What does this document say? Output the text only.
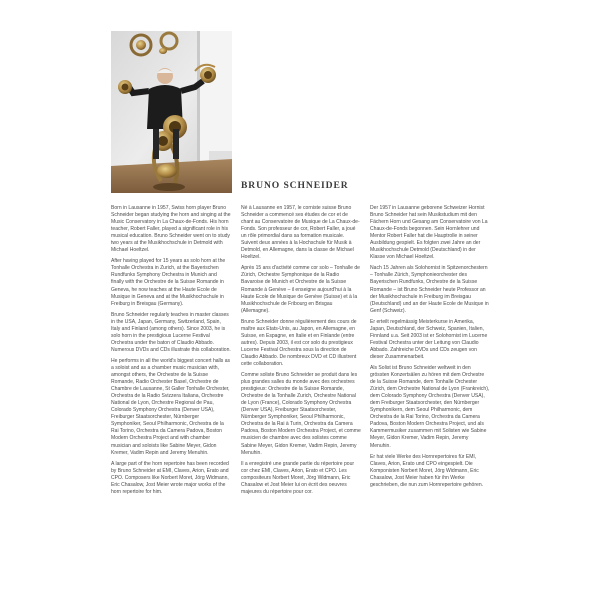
BRUNO SCHNEIDER

Born in Lausanne in 1957, Swiss horn player Bruno Schneider began studying the horn and singing at the Music Conservatory in La Chaux-de-Fonds. His horn teacher, Robert Faller, played a significant role in his musical education. Bruno Schneider went on to study two years at the Musikhochschule in Detmold with Michael Hoeltzel.

After having played for 15 years as solo horn at the Tonhalle Orchestra in Zurich, at the Bayerischen Rundfunks Symphony Orchestra in Munich and finally with the Orchestre de la Suisse Romande in Geneva, he now teaches at the Haute Ecole de Musique in Geneva and at the Musikhochschule in Freiburg in Breisgau (Germany).

Bruno Schneider regularly teaches in master classes in the USA, Japan, Germany, Switzerland, Spain, Italy and Finland (among others). Since 2003, he is solo horn in the prestigious Lucerne Festival Orchestra under the baton of Claudio Abbado. Numerous DVDs and CDs illustrate this collaboration.

He performs in all the world's biggest concert halls as a soloist and as a chamber music musician with, amongst others, the Orchestre de la Suisse Romande, Radio Orchester Basel, Orchestre de Chambre de Lausanne, St Galler Tonhalle Orchester, Orchestra de la Radio Svizzera Italiana, Orchestre National de Lyon, Orchestre Regional de Pau, Colorado Symphony Orchestra (Denver USA), Freiburger Staatsorchester, Nürnberger Symphoniker, Seoul Philharmonic, Orchestra de la Rai Torino, Orchestra da Camera Padova, Boston Modern Orchestra Project and with chamber musician and soloists like Sabine Meyer, Gidon Kremer, Vadim Repin and Jeremy Menuhin.

A large part of the horn repertoire has been recorded by Bruno Schneider at EMI, Claves, Arion, Erato and CPO. Composers like Norbert Moret, Jörg Widmann, Eric Chasalow, Jost Meier wrote major works of the horn repertoire for him.

Né à Lausanne en 1957, le corniste suisse Bruno Schneider a commencé ses études de cor et de chant au Conservatoire de Musique de La Chaux-de-Fonds. Son professeur de cor, Robert Faller, a joué un rôle primordial dans sa formation musicale. Suivent deux années à la Hochschule für Musik à Detmold, en Allemagne, dans la classe de Michael Hoeltzel.

Après 15 ans d'activité comme cor solo – Tonhalle de Zürich, Orchestre Symphonique de la Radio Bavaroise de Munich et Orchestre de la Suisse Romande à Genève – il enseigne aujourd'hui à la Haute Ecole de Musique de Genève (Suisse) et à la Musikhochschule de Fribourg en Brisgau (Allemagne).

Bruno Schneider donne régulièrement des cours de maître aux Etats-Unis, au Japon, en Allemagne, en Suisse, en Espagne, en Italie et en Finlande (entre autres). Depuis 2003, il est cor solo du prestigieux Lucerne Festival Orchestra sous la direction de Claudio Abbado. De nombreux DVD et CD illustrent cette collaboration.

Comme soliste Bruno Schneider se produit dans les plus grandes salles du monde avec des orchestres prestigieux: Orchestre de la Suisse Romande, Orchestre de la Tonhalle Zurich, Orchestre National de Lyon (France), Colorado Symphony Orchestra (Denver USA), Freiburger Staatsorchester, Nürnberger Symphoniker, Seoul Philharmonic, Orchestra de la Rai à Turin, Orchestra da Camera Padova, Boston Modern Orchestra Project, et comme musicien de chambre avec des solistes comme Sabine Meyer, Gidon Kremer, Vadim Repin, Jeremy Menuhin.

Il a enregistré une grande partie du répertoire pour cor chez EMI, Claves, Arion, Erato et CPO. Les compositeurs Norbert Moret, Jörg Widmann, Eric Chasalow et Jost Meier lui on écrit des oeuvres majeures du répertoire pour cor.

Der 1957 in Lausanne geborene Schweizer Hornist Bruno Schneider hat sein Musikstudium mit den Fächern Horn und Gesang am Conservatoire von La Chaux-de-Fonds begonnen. Sein Hornlehrer und Mentor Robert Faller hat die Hauptrolle in seiner Ausbildung gespielt. Es folgten zwei Jahre an der Musikhochschule Detmold (Deutschland) in der Klasse von Michael Hoeltzel.

Nach 15 Jahren als Solohornist in Spitzenorchestern – Tonhalle Zürich, Symphonieorchester des Bayerischen Rundfunks, Orchestre de la Suisse Romande – ist Bruno Schneider heute Professor an der Musikhochschule in Freiburg im Breisgau (Deutschland) und an der Haute Ecole de Musique in Genf (Schweiz).

Er erteilt regelmässig Meisterkurse in Amerika, Japan, Deutschland, der Schweiz, Spanien, Italien, Finnland u.a. Seit 2003 ist er Solohornist im Lucerne Festival Orchestra unter der Leitung von Claudio Abbado. Zahlreiche DVDs und CDs zeugen von dieser Zusammenarbeit.

Als Solist ist Bruno Schneider weltweit in den grössten Konzertsälen zu hören mit dem Orchestre de la Suisse Romande, dem Tonhalle Orchester Zürich, dem Orchestre National de Lyon (Frankreich), dem Colorado Symphony Orchestra (Denver USA), dem Freiburger Staatsorchester, den Nürnberger Symphonikern, dem Seoul Philharmonic, dem Orchestra de la Rai Torino, Orchestra da Camera Padova, Boston Modern Orchestra Project, und als Kammermusiker zusammen mit Solisten wie Sabine Meyer, Gidon Kremer, Vadim Repin, Jeremy Menuhin.

Er hat viele Werke des Hornrepertoires für EMI, Claves, Arion, Erato und CPO eingespielt. Die Komponisten Norbert Moret, Jörg Widmann, Eric Chasalow, Jost Meier haben für ihn Werke geschrieben, die nun zum Hornrepertoire gehören.
